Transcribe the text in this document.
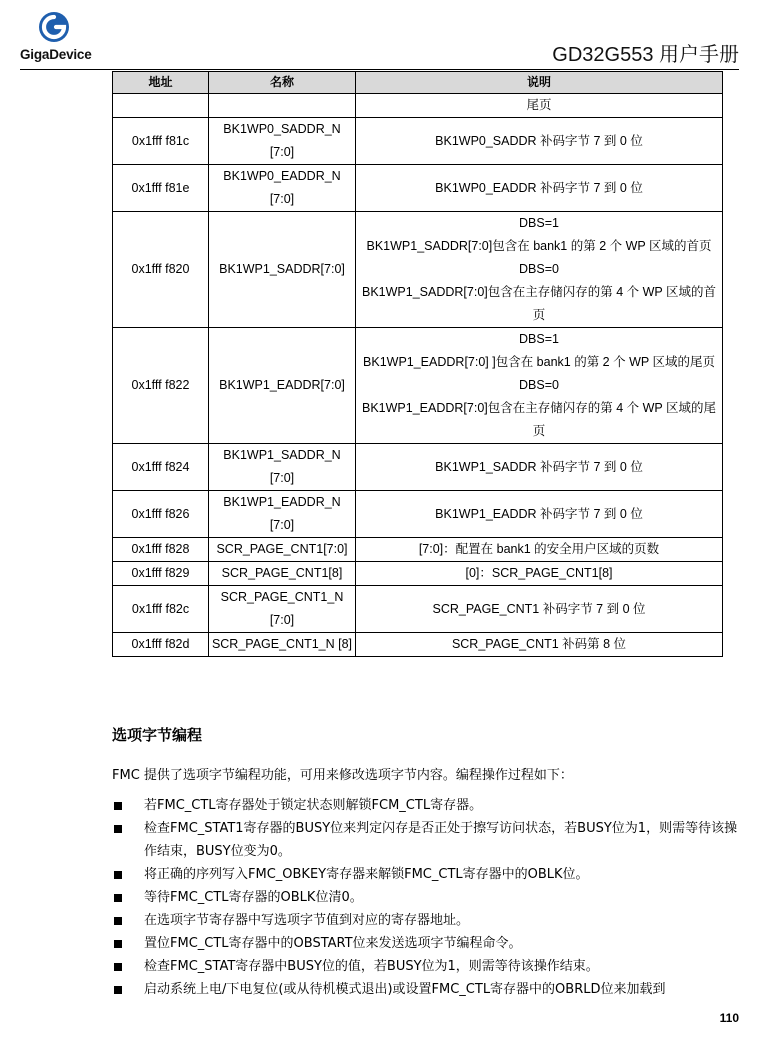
GigaDevice	GD32G553 用户手册
地址	名称	说明

		尾页

0x1fff f81c	BK1WP0_SADDR_N [7:0]	BK1WP0_SADDR 补码字节 7 到 0 位

0x1fff f81e	BK1WP0_EADDR_N [7:0]	BK1WP0_EADDR 补码字节 7 到 0 位

0x1fff f820	BK1WP1_SADDR[7:0]	DBS=1
BK1WP1_SADDR[7:0]包含在 bank1 的第 2 个 WP 区域的首页
DBS=0
BK1WP1_SADDR[7:0]包含在主存储闪存的第 4 个 WP 区域的首页

0x1fff f822	BK1WP1_EADDR[7:0]	DBS=1
BK1WP1_EADDR[7:0] ]包含在 bank1 的第 2 个 WP 区域的尾页
DBS=0
BK1WP1_EADDR[7:0]包含在主存储闪存的第 4 个 WP 区域的尾页

0x1fff f824	BK1WP1_SADDR_N [7:0]	BK1WP1_SADDR 补码字节 7 到 0 位

0x1fff f826	BK1WP1_EADDR_N [7:0]	BK1WP1_EADDR 补码字节 7 到 0 位

0x1fff f828	SCR_PAGE_CNT1[7:0]	[7:0]：配置在 bank1 的安全用户区域的页数

0x1fff f829	SCR_PAGE_CNT1[8]	[0]：SCR_PAGE_CNT1[8]

0x1fff f82c	SCR_PAGE_CNT1_N [7:0]	SCR_PAGE_CNT1 补码字节 7 到 0 位

0x1fff f82d	SCR_PAGE_CNT1_N [8]	SCR_PAGE_CNT1 补码第 8 位
选项字节编程
FMC 提供了选项字节编程功能，可用来修改选项字节内容。编程操作过程如下：
若FMC_CTL寄存器处于锁定状态则解锁FCM_CTL寄存器。
检查FMC_STAT1寄存器的BUSY位来判定闪存是否正处于擦写访问状态，若BUSY位为1，则需等待该操作结束，BUSY位变为0。
将正确的序列写入FMC_OBKEY寄存器来解锁FMC_CTL寄存器中的OBLK位。
等待FMC_CTL寄存器的OBLK位清0。
在选项字节寄存器中写选项字节值到对应的寄存器地址。
置位FMC_CTL寄存器中的OBSTART位来发送选项字节编程命令。
检查FMC_STAT寄存器中BUSY位的值，若BUSY位为1，则需等待该操作结束。
启动系统上电/下电复位(或从待机模式退出)或设置FMC_CTL寄存器中的OBRLD位来加载到
110
